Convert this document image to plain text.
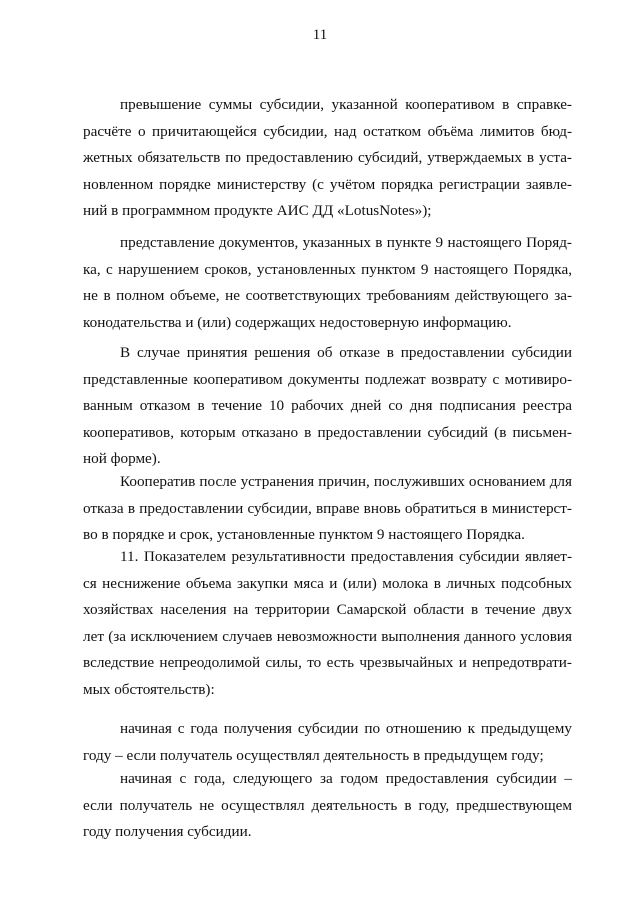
11
превышение суммы субсидии, указанной кооперативом в справке-
расчёте о причитающейся субсидии, над остатком объёма лимитов бюд-
жетных обязательств по предоставлению субсидий, утверждаемых в уста-
новленном порядке министерству (с учётом порядка регистрации заявле-
ний в программном продукте АИС ДД «LotusNotes»);
представление документов, указанных в пункте 9 настоящего Поряд-
ка, с нарушением сроков, установленных пунктом 9 настоящего Порядка,
не в полном объеме, не соответствующих требованиям действующего за-
конодательства и (или) содержащих недостоверную информацию.
В случае принятия решения об отказе в предоставлении субсидии
представленные кооперативом документы подлежат возврату с мотивиро-
ванным отказом в течение 10 рабочих дней со дня подписания реестра
кооперативов, которым отказано в предоставлении субсидий (в письмен-
ной форме).
Кооператив после устранения причин, послуживших основанием для
отказа в предоставлении субсидии, вправе вновь обратиться в министерст-
во в порядке и срок, установленные пунктом 9 настоящего Порядка.
11. Показателем результативности предоставления субсидии являет-
ся неснижение объема закупки мяса и (или) молока в личных подсобных
хозяйствах населения на территории Самарской области в течение двух
лет (за исключением случаев невозможности выполнения данного условия
вследствие непреодолимой силы, то есть чрезвычайных и непредотврати-
мых обстоятельств):
начиная с года получения субсидии по отношению к предыдущему
году – если получатель осуществлял деятельность в предыдущем году;
начиная с года, следующего за годом предоставления субсидии –
если получатель не осуществлял деятельность в году, предшествующем
году получения субсидии.
